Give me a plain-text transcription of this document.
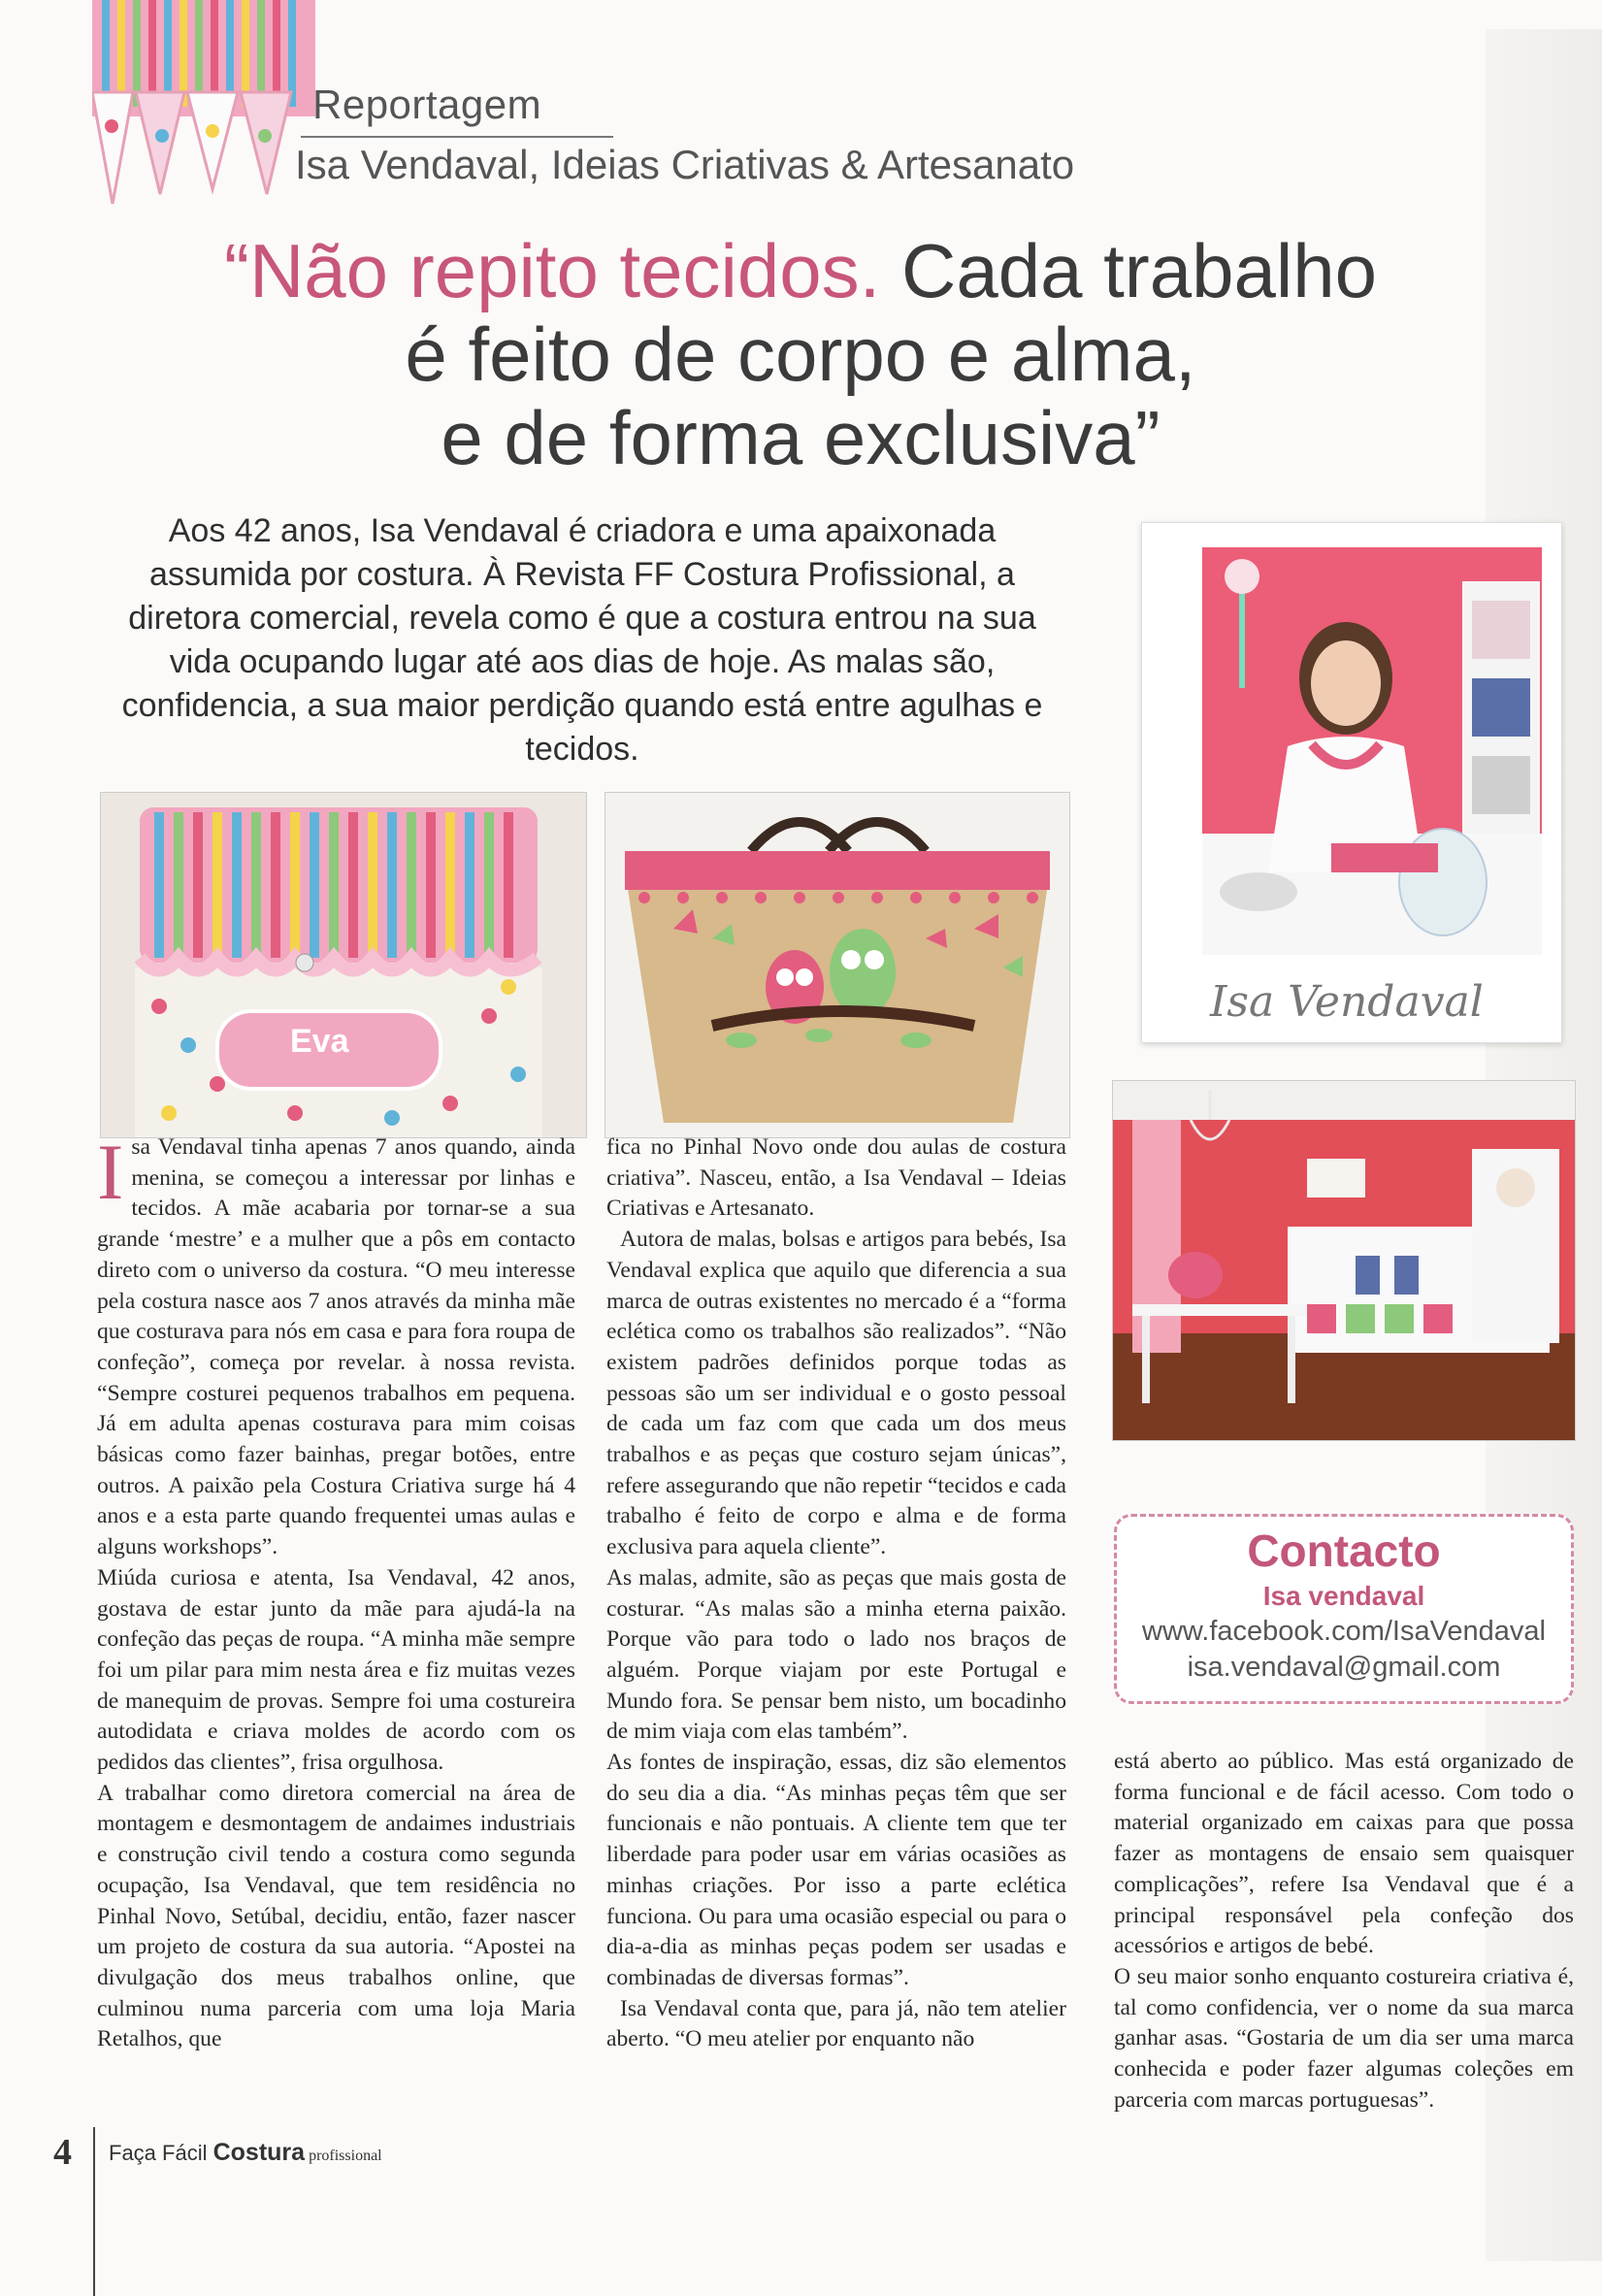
Reportagem
Isa Vendaval, Ideias Criativas & Artesanato
“Não repito tecidos. Cada trabalho
é feito de corpo e alma,
e de forma exclusiva”
Aos 42 anos, Isa Vendaval é criadora e uma apaixonada assumida por costura. À Revista FF Costura Profissional, a diretora comercial, revela como é que a costura entrou na sua vida ocupando lugar até aos dias de hoje. As malas são, confidencia, a sua maior perdição quando está entre agulhas e tecidos.
Eva
Isa Vendaval

Isa Vendaval tinha apenas 7 anos quando, ainda menina, se começou a interessar por linhas e tecidos. A mãe acabaria por tornar-se a sua grande ‘mestre’ e a mulher que a pôs em contacto direto com o universo da costura. “O meu interesse pela costura nasce aos 7 anos através da minha mãe que costurava para nós em casa e para fora roupa de confeção”, começa por revelar. à nossa revista. “Sempre costurei pequenos trabalhos em pequena. Já em adulta apenas costurava para mim coisas básicas como fazer bainhas, pregar botões, entre outros. A paixão pela Costura Criativa surge há 4 anos e a esta parte quando frequentei umas aulas e alguns workshops”.

Miúda curiosa e atenta, Isa Vendaval, 42 anos, gostava de estar junto da mãe para ajudá-la na confeção das peças de roupa. “A minha mãe sempre foi um pilar para mim nesta área e fiz muitas vezes de manequim de provas. Sempre foi uma costureira autodidata e criava moldes de acordo com os pedidos das clientes”, frisa orgulhosa.

A trabalhar como diretora comercial na área de montagem e desmontagem de andaimes industriais e construção civil tendo a costura como segunda ocupação, Isa Vendaval, que tem residência no Pinhal Novo, Setúbal, decidiu, então, fazer nascer um projeto de costura da sua autoria. “Apostei na divulgação dos meus trabalhos online, que culminou numa parceria com uma loja Maria Retalhos, que

fica no Pinhal Novo onde dou aulas de costura criativa”. Nasceu, então, a Isa Vendaval – Ideias Criativas e Artesanato.

Autora de malas, bolsas e artigos para bebés, Isa Vendaval explica que aquilo que diferencia a sua marca de outras existentes no mercado é a “forma eclética como os trabalhos são realizados”. “Não existem padrões definidos porque todas as pessoas são um ser individual e o gosto pessoal de cada um faz com que cada um dos meus trabalhos e as peças que costuro sejam únicas”, refere assegurando que não repetir “tecidos e cada trabalho é feito de corpo e alma e de forma exclusiva para aquela cliente”.

As malas, admite, são as peças que mais gosta de costurar. “As malas são a minha eterna paixão. Porque vão para todo o lado nos braços de alguém. Porque viajam por este Portugal e Mundo fora. Se pensar bem nisto, um bocadinho de mim viaja com elas também”.

As fontes de inspiração, essas, diz são elementos do seu dia a dia. “As minhas peças têm que ser funcionais e não pontuais. A cliente tem que ter liberdade para poder usar em várias ocasiões as minhas criações. Por isso a parte eclética funciona. Ou para uma ocasião especial ou para o dia-a-dia as minhas peças podem ser usadas e combinadas de diversas formas”.

Isa Vendaval conta que, para já, não tem atelier aberto. “O meu atelier por enquanto não

está aberto ao público. Mas está organizado de forma funcional e de fácil acesso. Com todo o material organizado em caixas para que possa fazer as montagens de ensaio sem quaisquer complicações”, refere Isa Vendaval que é a principal responsável pela confeção dos acessórios e artigos de bebé.

O seu maior sonho enquanto costureira criativa é, tal como confidencia, ver o nome da sua marca ganhar asas. “Gostaria de um dia ser uma marca conhecida e poder fazer algumas coleções em parceria com marcas portuguesas”.

Contacto
Isa vendaval
www.facebook.com/IsaVendaval
isa.vendaval@gmail.com
4 Faça Fácil Costura profissional
